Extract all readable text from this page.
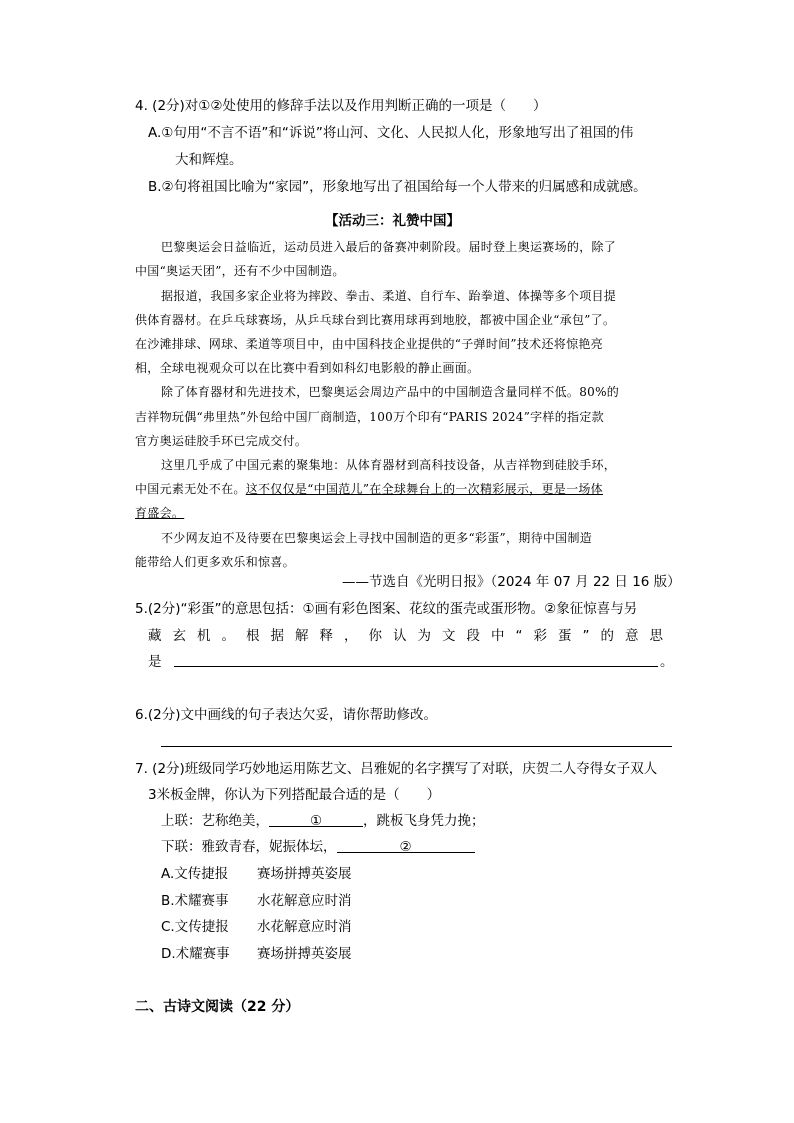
4. (2分)对①②处使用的修辞手法以及作用判断正确的一项是（　　）
A.①句用“不言不语”和“诉说”将山河、文化、人民拟人化，形象地写出了祖国的伟
大和辉煌。
B.②句将祖国比喻为“家园”，形象地写出了祖国给每一个人带来的归属感和成就感。
【活动三：礼赞中国】
巴黎奥运会日益临近，运动员进入最后的备赛冲刺阶段。届时登上奥运赛场的，除了
中国“奥运天团”，还有不少中国制造。
据报道，我国多家企业将为摔跤、拳击、柔道、自行车、跆拳道、体操等多个项目提
供体育器材。在乒乓球赛场，从乒乓球台到比赛用球再到地胶，都被中国企业“承包”了。
在沙滩排球、网球、柔道等项目中，由中国科技企业提供的“子弹时间”技术还将惊艳亮
相，全球电视观众可以在比赛中看到如科幻电影般的静止画面。
除了体育器材和先进技术，巴黎奥运会周边产品中的中国制造含量同样不低。80%的
吉祥物玩偶“弗里热”外包给中国厂商制造，100万个印有“PARIS 2024”字样的指定款
官方奥运硅胶手环已完成交付。
这里几乎成了中国元素的聚集地：从体育器材到高科技设备，从吉祥物到硅胶手环，
中国元素无处不在。这不仅仅是“中国范儿”在全球舞台上的一次精彩展示，更是一场体
育盛会。
不少网友迫不及待要在巴黎奥运会上寻找中国制造的更多“彩蛋”，期待中国制造
能带给人们更多欢乐和惊喜。
——节选自《光明日报》（2024 年 07 月 22 日 16 版）
5.(2分)“彩蛋”的意思包括：①画有彩色图案、花纹的蛋壳或蛋形物。②象征惊喜与另
藏玄机。根据解释，你认为文段中“彩蛋”的意思
是	。
6.(2分)文中画线的句子表达欠妥，请你帮助修改。
7. (2分)班级同学巧妙地运用陈艺文、吕雅妮的名字撰写了对联，庆贺二人夺得女子双人
3米板金牌，你认为下列搭配最合适的是（　　）
上联：艺称绝美，	①	，跳板飞身凭力挽；
下联：雅致青春，妮振体坛，	②
A.文传捷报 赛场拼搏英姿展
B.术耀赛事 水花解意应时消
C.文传捷报 水花解意应时消
D.术耀赛事 赛场拼搏英姿展
二、古诗文阅读（22 分）
